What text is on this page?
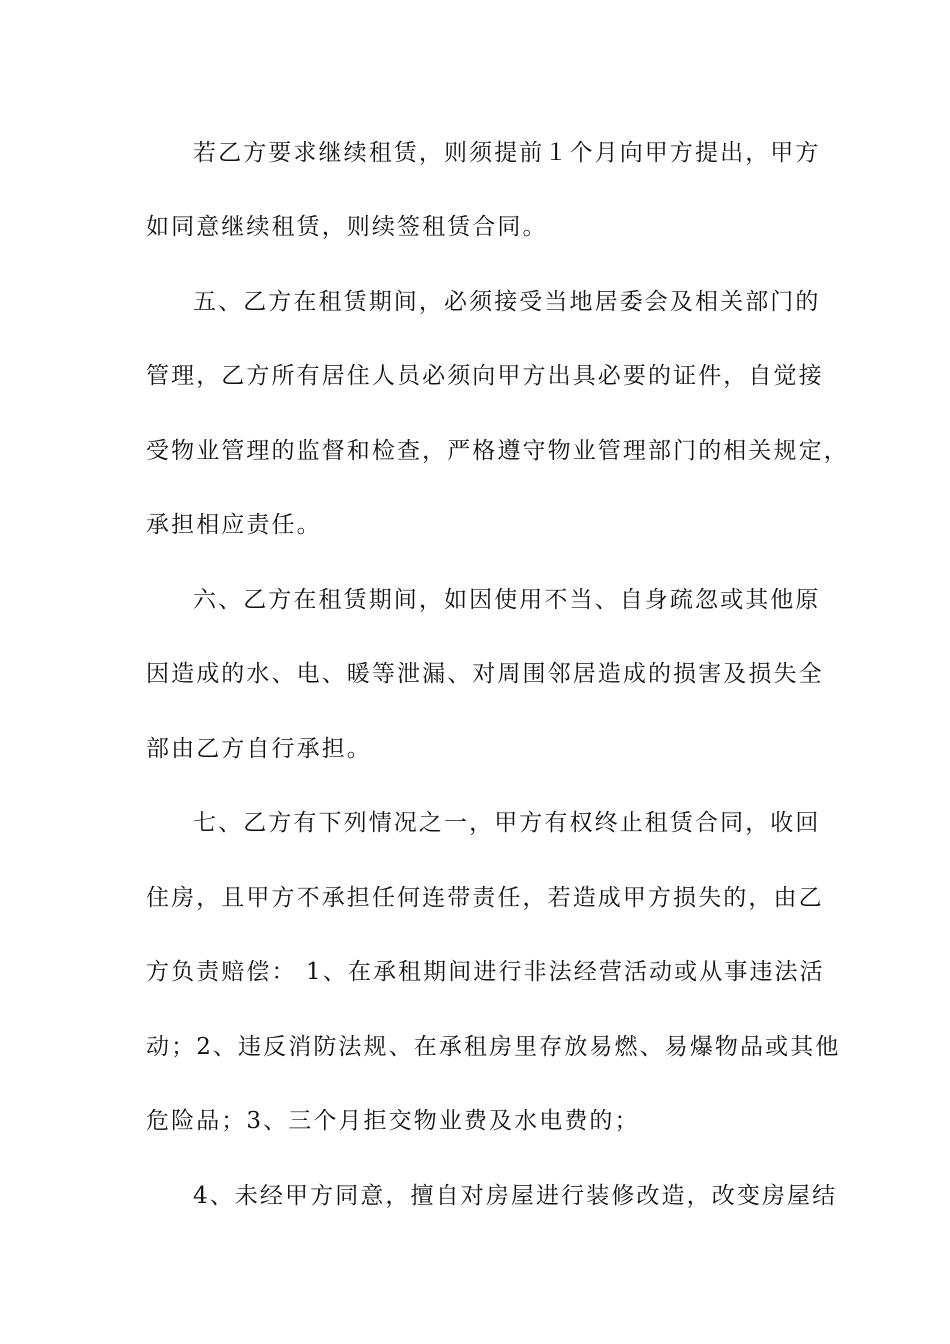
若乙方要求继续租赁，则须提前１个月向甲方提出，甲方
如同意继续租赁，则续签租赁合同。
五、乙方在租赁期间，必须接受当地居委会及相关部门的
管理，乙方所有居住人员必须向甲方出具必要的证件，自觉接
受物业管理的监督和检查，严格遵守物业管理部门的相关规定，
承担相应责任。
六、乙方在租赁期间，如因使用不当、自身疏忽或其他原
因造成的水、电、暖等泄漏、对周围邻居造成的损害及损失全
部由乙方自行承担。
七、乙方有下列情况之一，甲方有权终止租赁合同，收回
住房，且甲方不承担任何连带责任，若造成甲方损失的，由乙
方负责赔偿： 1、在承租期间进行非法经营活动或从事违法活
动；2、违反消防法规、在承租房里存放易燃、易爆物品或其他
危险品；3、三个月拒交物业费及水电费的；
4、未经甲方同意，擅自对房屋进行装修改造，改变房屋结
